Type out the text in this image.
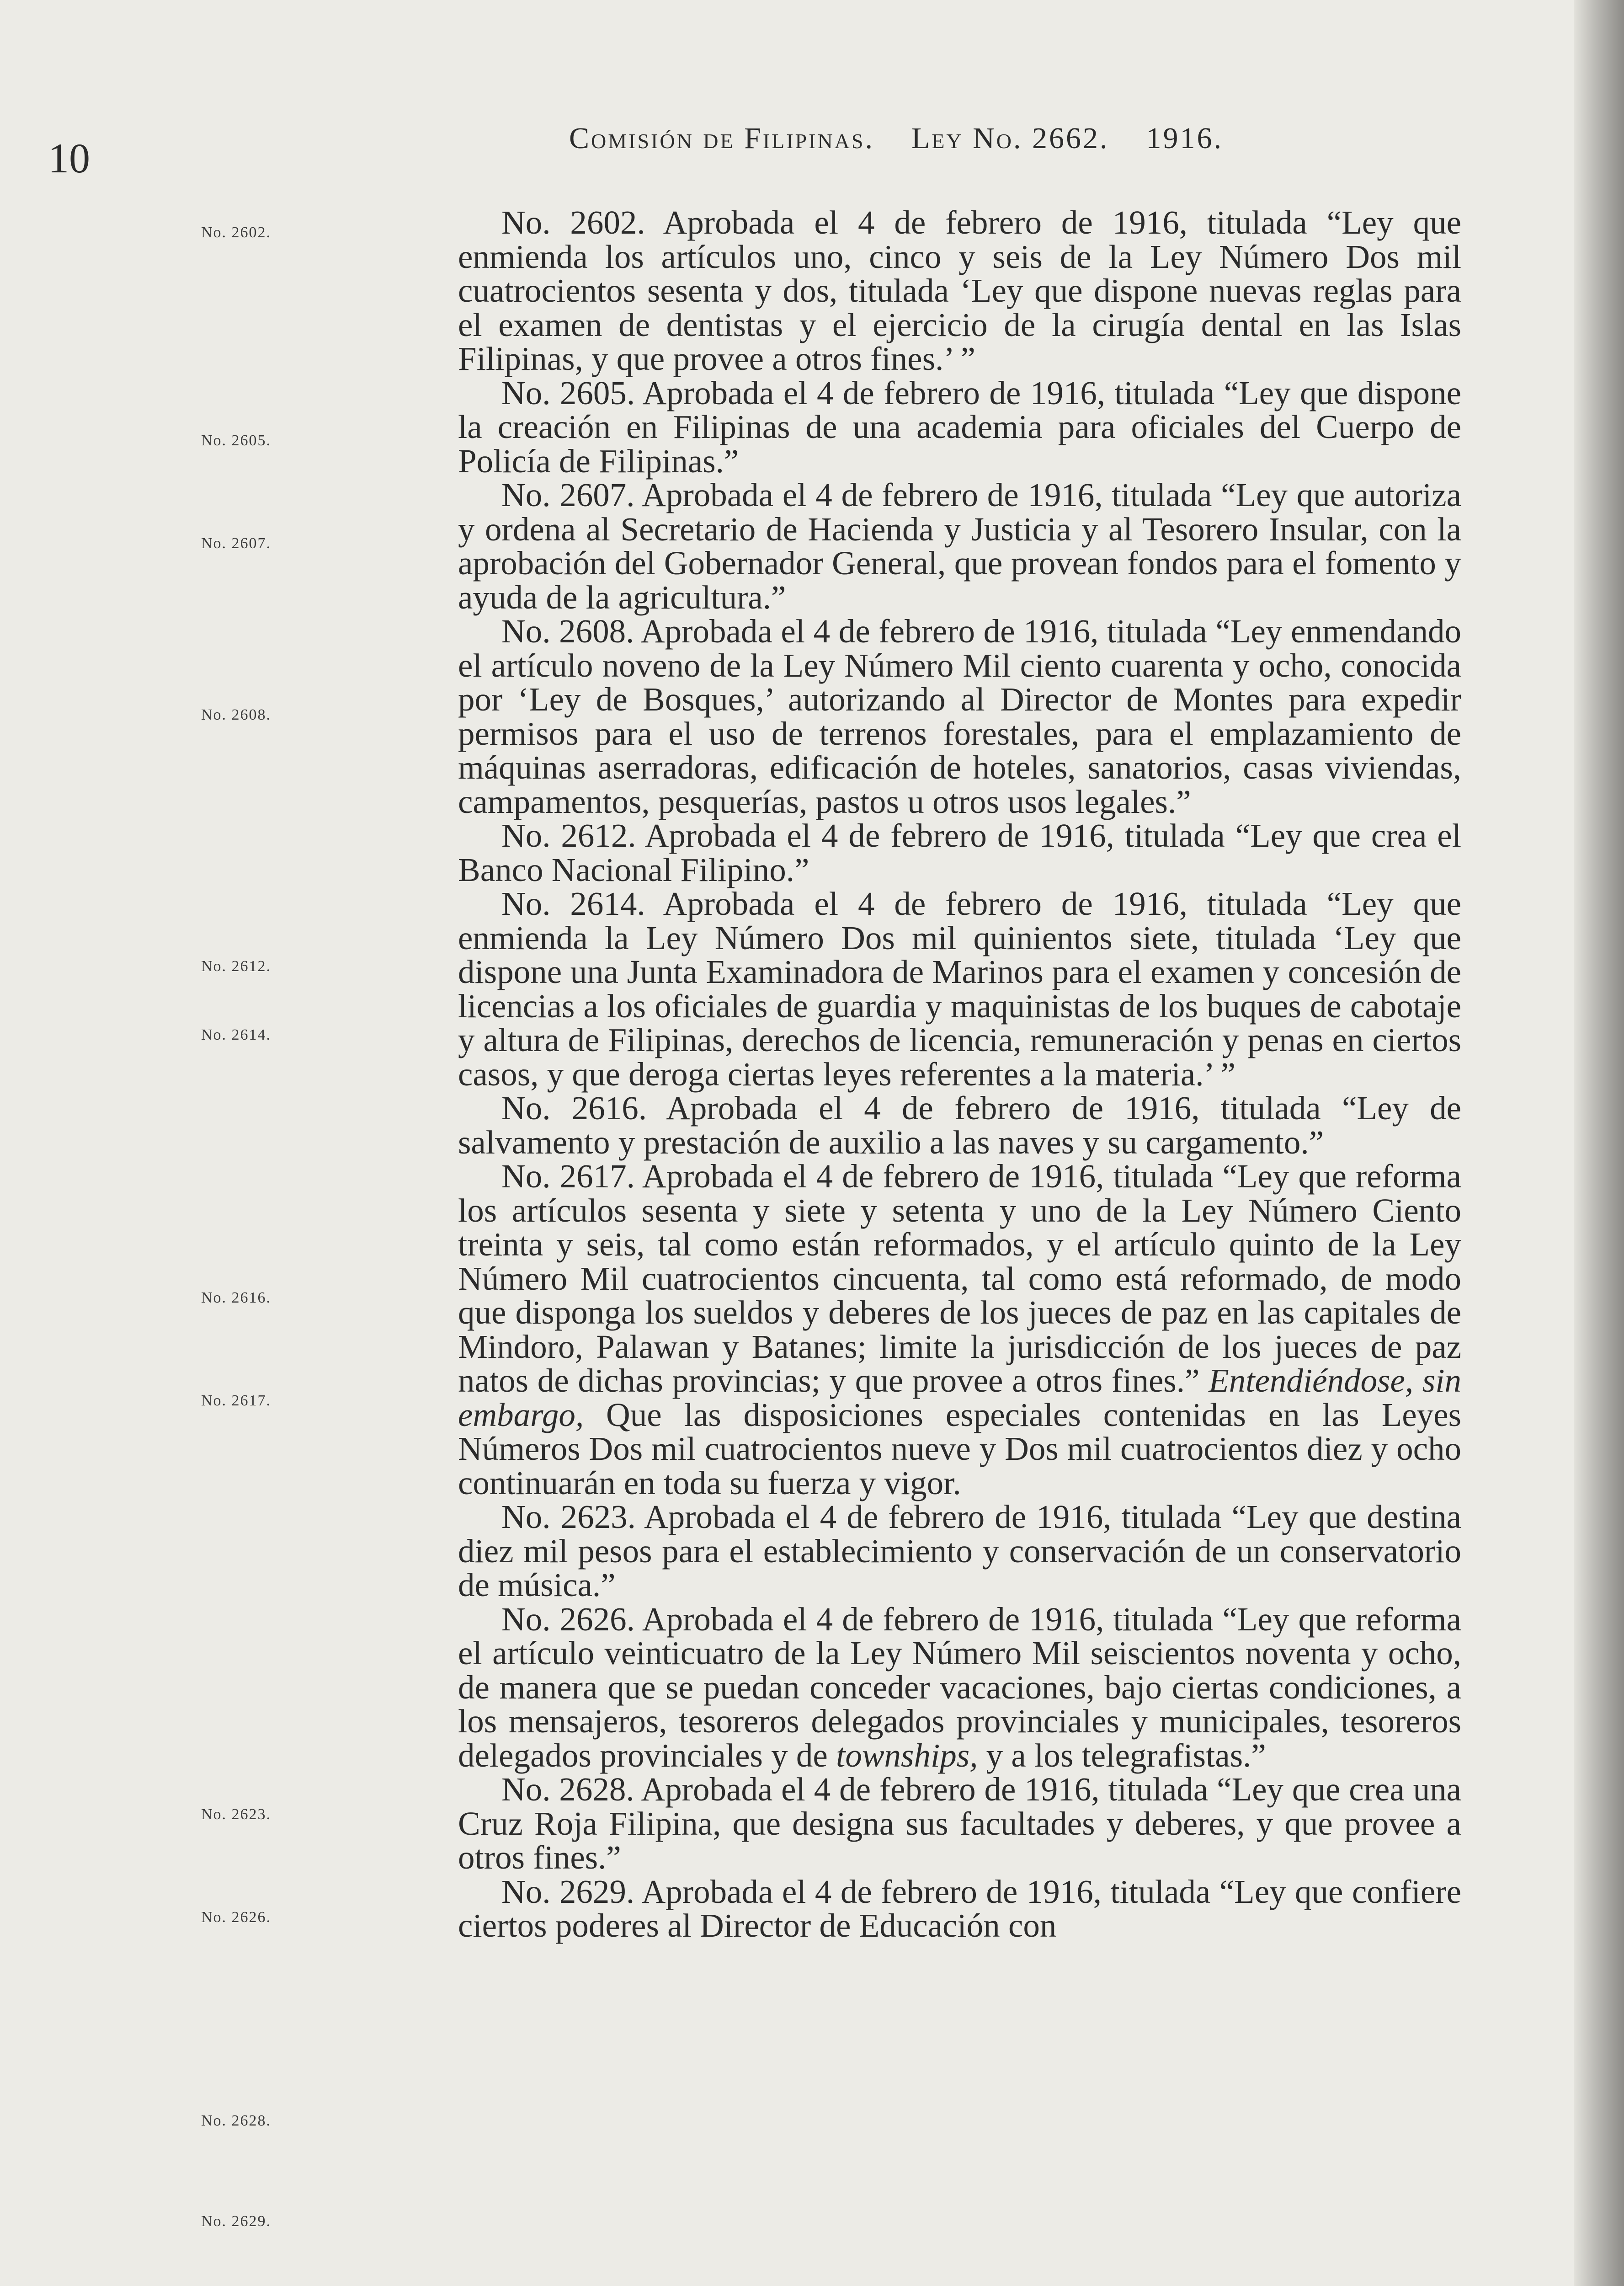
10	Comisión de Filipinas. Ley No. 2662. 1916.
No. 2602.
No. 2605.
No. 2607.
No. 2608.
No. 2612.
No. 2614.
No. 2616.
No. 2617.
No. 2623.
No. 2626.
No. 2628.
No. 2629.

No. 2602. Aprobada el 4 de febrero de 1916, titulada “Ley que enmienda los artículos uno, cinco y seis de la Ley Número Dos mil cuatrocientos sesenta y dos, titulada ‘Ley que dispone nuevas reglas para el examen de dentistas y el ejercicio de la cirugía dental en las Islas Filipinas, y que provee a otros fines.’ ”

No. 2605. Aprobada el 4 de febrero de 1916, titulada “Ley que dispone la creación en Filipinas de una academia para oficiales del Cuerpo de Policía de Filipinas.”

No. 2607. Aprobada el 4 de febrero de 1916, titulada “Ley que autoriza y ordena al Secretario de Hacienda y Justicia y al Tesorero Insular, con la aprobación del Gobernador General, que provean fondos para el fomento y ayuda de la agricultura.”

No. 2608. Aprobada el 4 de febrero de 1916, titulada “Ley enmendando el artículo noveno de la Ley Número Mil ciento cuarenta y ocho, conocida por ‘Ley de Bosques,’ autorizando al Director de Montes para expedir permisos para el uso de terrenos forestales, para el emplazamiento de máquinas aserradoras, edificación de hoteles, sanatorios, casas viviendas, campamentos, pesquerías, pastos u otros usos legales.”

No. 2612. Aprobada el 4 de febrero de 1916, titulada “Ley que crea el Banco Nacional Filipino.”

No. 2614. Aprobada el 4 de febrero de 1916, titulada “Ley que enmienda la Ley Número Dos mil quinientos siete, titulada ‘Ley que dispone una Junta Examinadora de Marinos para el examen y concesión de licencias a los oficiales de guardia y maquinistas de los buques de cabotaje y altura de Filipinas, derechos de licencia, remuneración y penas en ciertos casos, y que deroga ciertas leyes referentes a la materia.’ ”

No. 2616. Aprobada el 4 de febrero de 1916, titulada “Ley de salvamento y prestación de auxilio a las naves y su cargamento.”

No. 2617. Aprobada el 4 de febrero de 1916, titulada “Ley que reforma los artículos sesenta y siete y setenta y uno de la Ley Número Ciento treinta y seis, tal como están reformados, y el artículo quinto de la Ley Número Mil cuatrocientos cincuenta, tal como está reformado, de modo que disponga los sueldos y deberes de los jueces de paz en las capitales de Mindoro, Palawan y Batanes; limite la jurisdicción de los jueces de paz natos de dichas provincias; y que provee a otros fines.” Entendiéndose, sin embargo, Que las disposiciones especiales contenidas en las Leyes Números Dos mil cuatrocientos nueve y Dos mil cuatrocientos diez y ocho continuarán en toda su fuerza y vigor.

No. 2623. Aprobada el 4 de febrero de 1916, titulada “Ley que destina diez mil pesos para el establecimiento y conservación de un conservatorio de música.”

No. 2626. Aprobada el 4 de febrero de 1916, titulada “Ley que reforma el artículo veinticuatro de la Ley Número Mil seiscientos noventa y ocho, de manera que se puedan conceder vacaciones, bajo ciertas condiciones, a los mensajeros, tesoreros delegados provinciales y municipales, tesoreros delegados provinciales y de townships, y a los telegrafistas.”

No. 2628. Aprobada el 4 de febrero de 1916, titulada “Ley que crea una Cruz Roja Filipina, que designa sus facultades y deberes, y que provee a otros fines.”

No. 2629. Aprobada el 4 de febrero de 1916, titulada “Ley que confiere ciertos poderes al Director de Educación con
